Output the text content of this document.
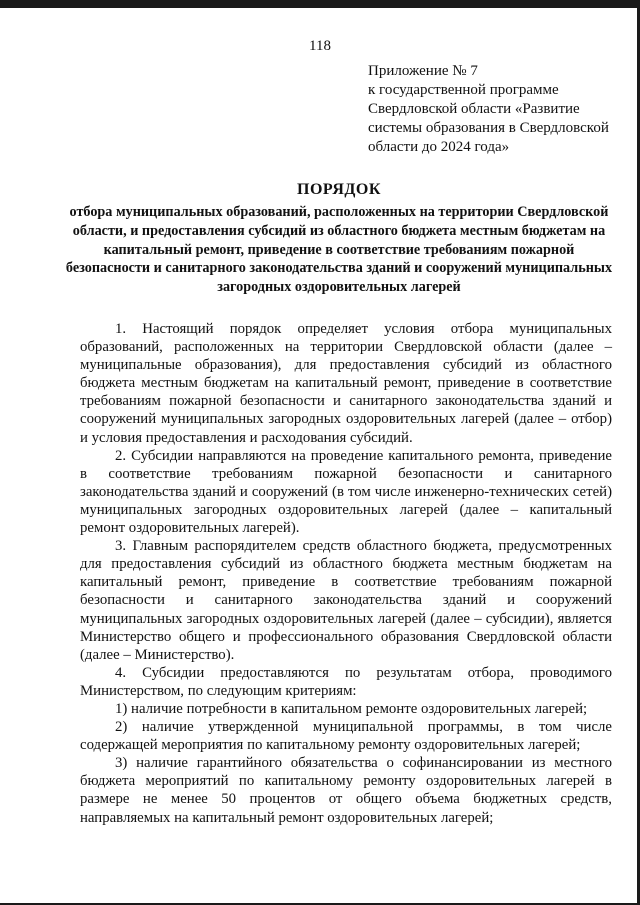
118
Приложение № 7
к государственной программе
Свердловской области «Развитие
системы образования в Свердловской
области до 2024 года»
ПОРЯДОК
отбора муниципальных образований, расположенных на территории Свердловской области, и предоставления субсидий из областного бюджета местным бюджетам на капитальный ремонт, приведение в соответствие требованиям пожарной безопасности и санитарного законодательства зданий и сооружений муниципальных загородных оздоровительных лагерей

1. Настоящий порядок определяет условия отбора муниципальных образований, расположенных на территории Свердловской области (далее – муниципальные образования), для предоставления субсидий из областного бюджета местным бюджетам на капитальный ремонт, приведение в соответствие требованиям пожарной безопасности и санитарного законодательства зданий и сооружений муниципальных загородных оздоровительных лагерей (далее – отбор) и условия предоставления и расходования субсидий.

2. Субсидии направляются на проведение капитального ремонта, приведение в соответствие требованиям пожарной безопасности и санитарного законодательства зданий и сооружений (в том числе инженерно-технических сетей) муниципальных загородных оздоровительных лагерей (далее – капитальный ремонт оздоровительных лагерей).

3. Главным распорядителем средств областного бюджета, предусмотренных для предоставления субсидий из областного бюджета местным бюджетам на капитальный ремонт, приведение в соответствие требованиям пожарной безопасности и санитарного законодательства зданий и сооружений муниципальных загородных оздоровительных лагерей (далее – субсидии), является Министерство общего и профессионального образования Свердловской области (далее – Министерство).

4. Субсидии предоставляются по результатам отбора, проводимого Министерством, по следующим критериям:

1) наличие потребности в капитальном ремонте оздоровительных лагерей;

2) наличие утвержденной муниципальной программы, в том числе содержащей мероприятия по капитальному ремонту оздоровительных лагерей;

3) наличие гарантийного обязательства о софинансировании из местного бюджета мероприятий по капитальному ремонту оздоровительных лагерей в размере не менее 50 процентов от общего объема бюджетных средств, направляемых на капитальный ремонт оздоровительных лагерей;
